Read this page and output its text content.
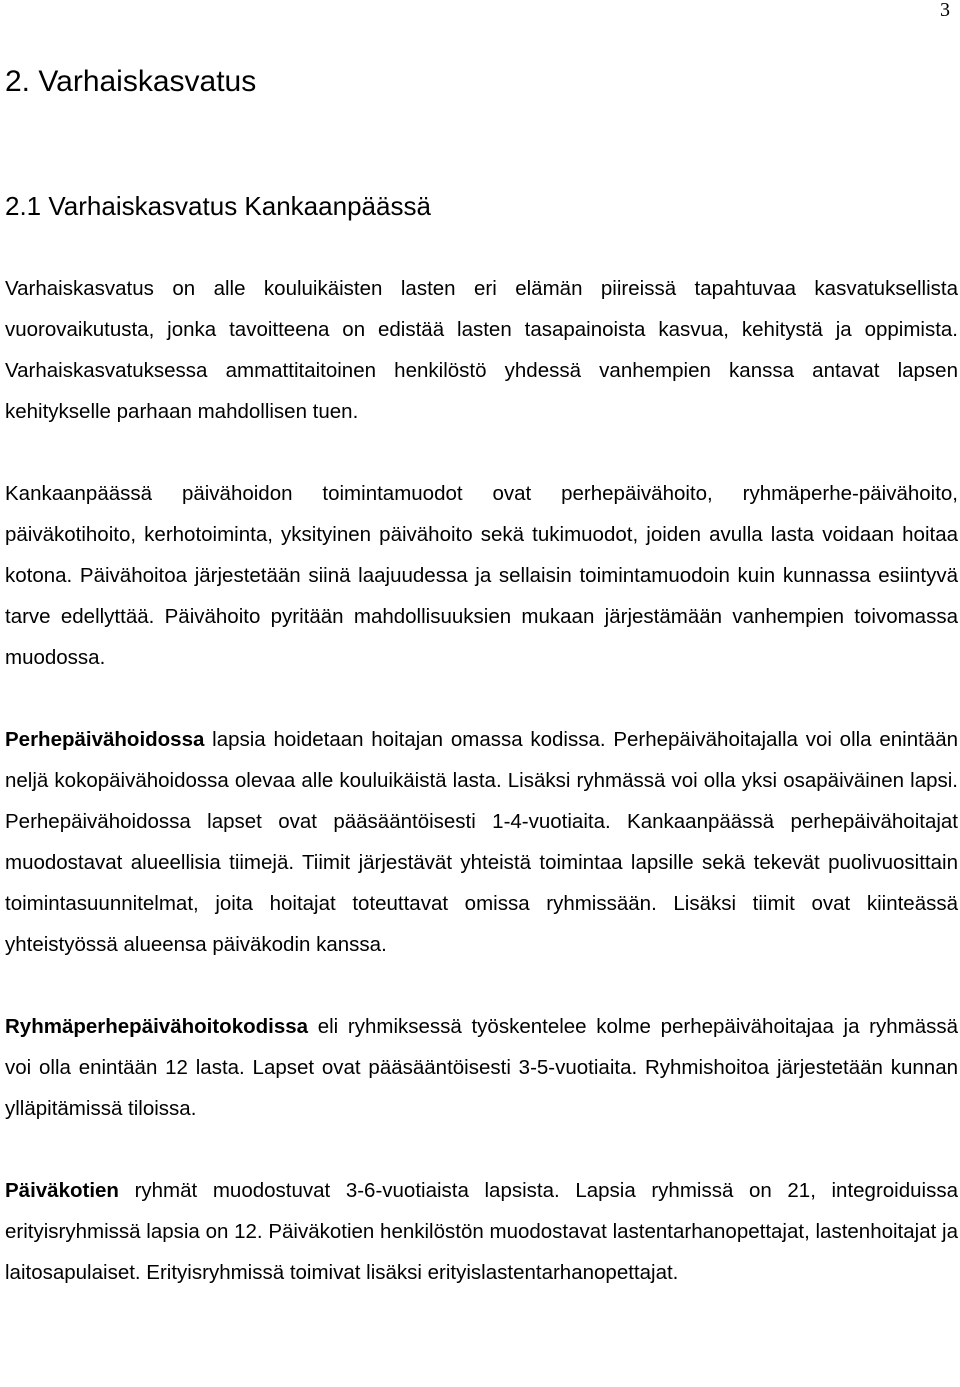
3
2. Varhaiskasvatus
2.1 Varhaiskasvatus Kankaanpäässä

Varhaiskasvatus on alle kouluikäisten lasten eri elämän piireissä tapahtuvaa kasvatuksellista vuorovaikutusta, jonka tavoitteena on edistää lasten tasapainoista kasvua, kehitystä ja oppimista. Varhaiskasvatuksessa ammattitaitoinen henkilöstö yhdessä vanhempien kanssa antavat lapsen kehitykselle parhaan mahdollisen tuen.

Kankaanpäässä päivähoidon toimintamuodot ovat perhepäivähoito, ryhmäperhe-päivähoito, päiväkotihoito, kerhotoiminta, yksityinen päivähoito sekä tukimuodot, joiden avulla lasta voidaan hoitaa kotona. Päivähoitoa järjestetään siinä laajuudessa ja sellaisin toimintamuodoin kuin kunnassa esiintyvä tarve edellyttää. Päivähoito pyritään mahdollisuuksien mukaan järjestämään vanhempien toivomassa muodossa.

Perhepäivähoidossa lapsia hoidetaan hoitajan omassa kodissa. Perhepäivähoitajalla voi olla enintään neljä kokopäivähoidossa olevaa alle kouluikäistä lasta. Lisäksi ryhmässä voi olla yksi osapäiväinen lapsi. Perhepäivähoidossa lapset ovat pääsääntöisesti 1-4-vuotiaita. Kankaanpäässä perhepäivähoitajat muodostavat alueellisia tiimejä. Tiimit järjestävät yhteistä toimintaa lapsille sekä tekevät puolivuosittain toimintasuunnitelmat, joita hoitajat toteuttavat omissa ryhmissään. Lisäksi tiimit ovat kiinteässä yhteistyössä alueensa päiväkodin kanssa.

Ryhmäperhepäivähoitokodissa eli ryhmiksessä työskentelee kolme perhepäivähoitajaa ja ryhmässä voi olla enintään 12 lasta. Lapset ovat pääsääntöisesti 3-5-vuotiaita. Ryhmishoitoa järjestetään kunnan ylläpitämissä tiloissa.

Päiväkotien ryhmät muodostuvat 3-6-vuotiaista lapsista. Lapsia ryhmissä on 21, integroiduissa erityisryhmissä lapsia on 12. Päiväkotien henkilöstön muodostavat lastentarhanopettajat, lastenhoitajat ja laitosapulaiset. Erityisryhmissä toimivat lisäksi erityislastentarhanopettajat.
